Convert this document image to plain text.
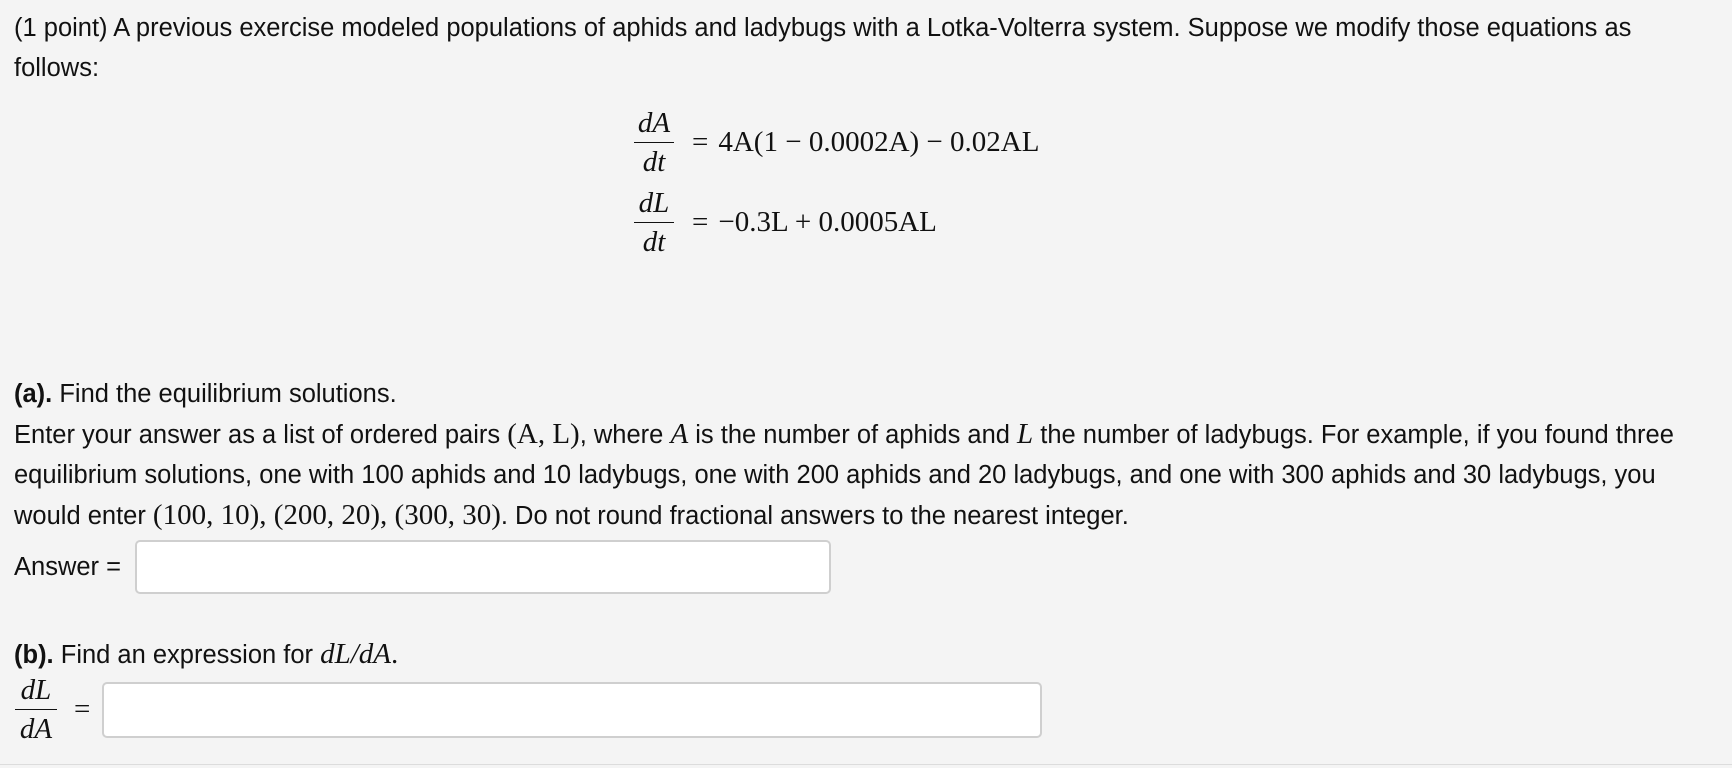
(1 point) A previous exercise modeled populations of aphids and ladybugs with a Lotka-Volterra system. Suppose we modify those equations as follows:

$\frac{dA}{dt} = 4A(1 - 0.0002A) - 0.02AL$
$\frac{dL}{dt} = -0.3L + 0.0005AL$

(a). Find the equilibrium solutions.

Enter your answer as a list of ordered pairs (A, L), where A is the number of aphids and L the number of ladybugs. For example, if you found three equilibrium solutions, one with 100 aphids and 10 ladybugs, one with 200 aphids and 20 ladybugs, and one with 300 aphids and 30 ladybugs, you would enter (100, 10), (200, 20), (300, 30). Do not round fractional answers to the nearest integer.

Answer =

(b). Find an expression for dL/dA.

$\frac{dL}{dA}$ =
